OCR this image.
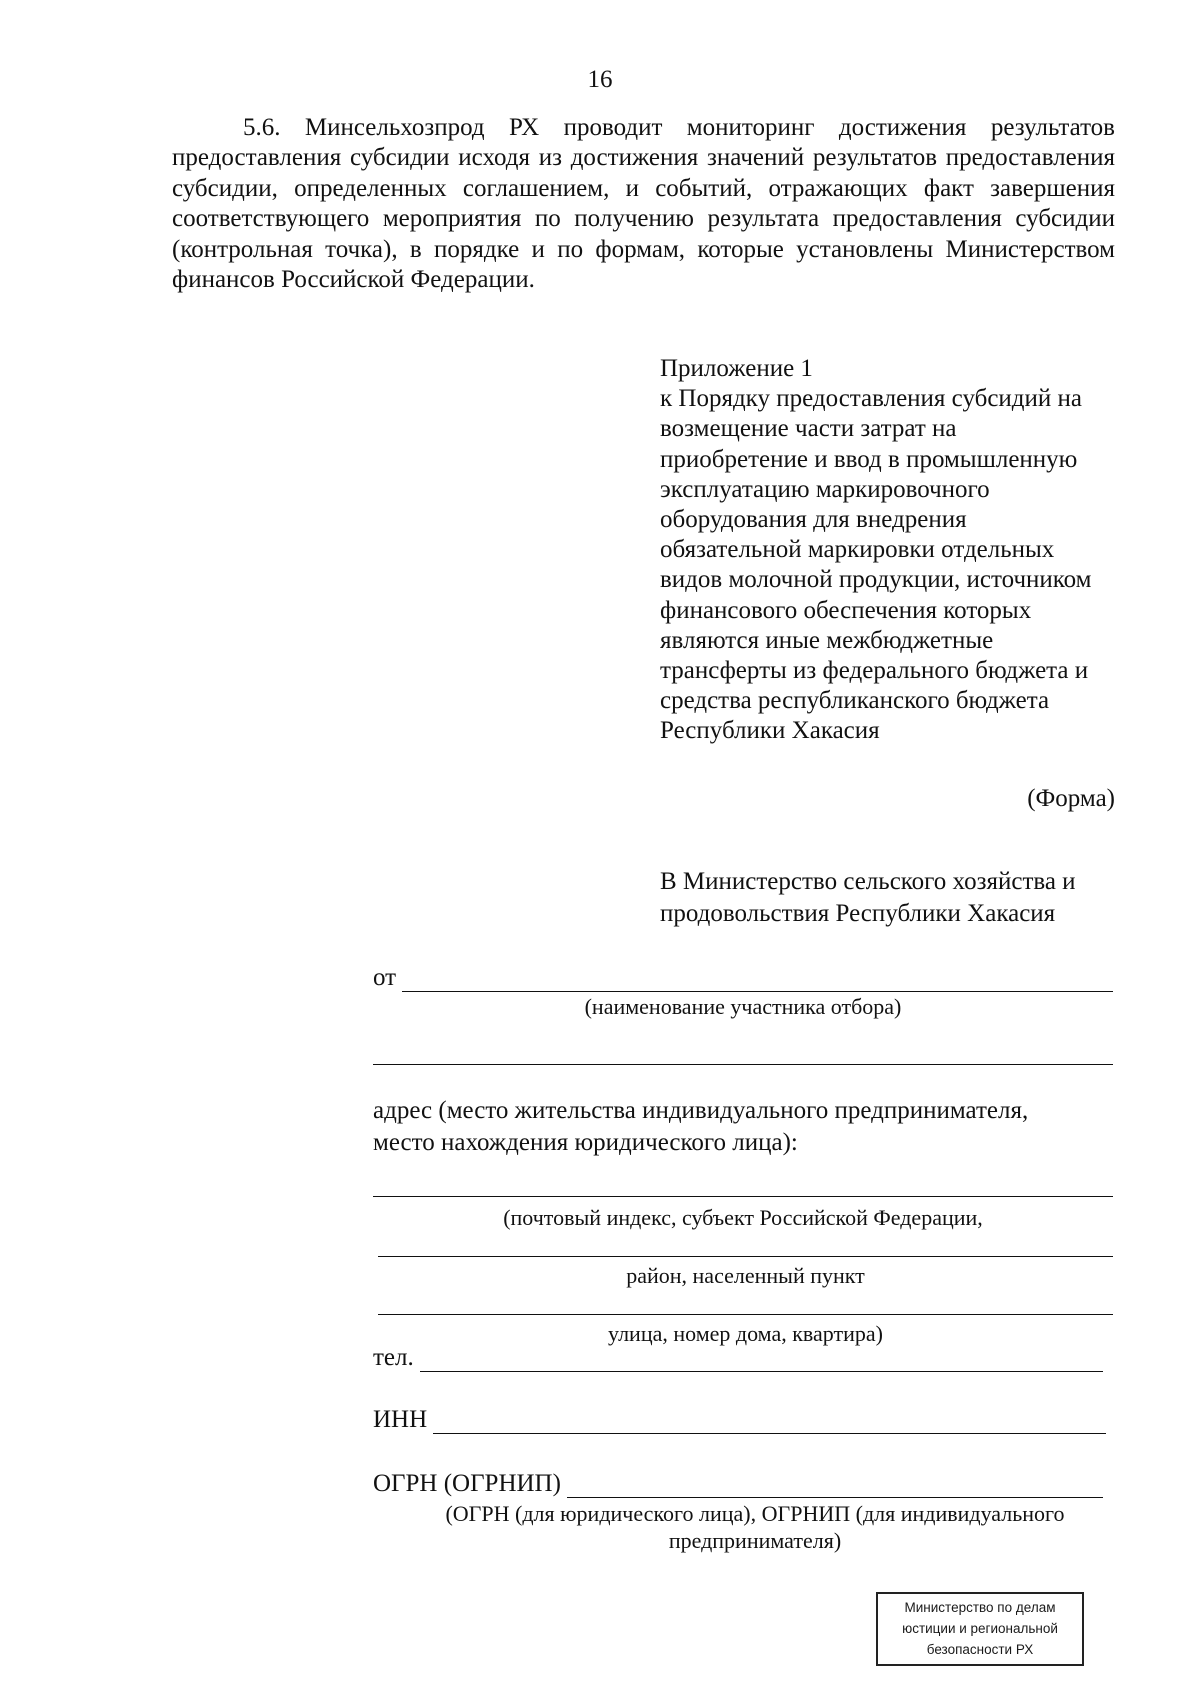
16

5.6. Минсельхозпрод РХ проводит мониторинг достижения результатов предоставления субсидии исходя из достижения значений результатов предоставления субсидии, определенных соглашением, и событий, отражающих факт завершения соответствующего мероприятия по получению результата предоставления субсидии (контрольная точка), в порядке и по формам, которые установлены Министерством финансов Российской Федерации.

Приложение 1
к Порядку предоставления субсидий на
возмещение части затрат на
приобретение и ввод в промышленную
эксплуатацию маркировочного
оборудования для внедрения
обязательной маркировки отдельных
видов молочной продукции, источником
финансового обеспечения которых
являются иные межбюджетные
трансферты из федерального бюджета и
средства республиканского бюджета
Республики Хакасия
(Форма)
В Министерство сельского хозяйства и
продовольствия Республики Хакасия
от
(наименование участника отбора)
адрес (место жительства индивидуального предпринимателя,
место нахождения юридического лица):
(почтовый индекс, субъект Российской Федерации,
район, населенный пункт
улица, номер дома, квартира)
тел.
ИНН
ОГРН (ОГРНИП)
(ОГРН (для юридического лица), ОГРНИП (для индивидуального
предпринимателя)
Министерство по делам
юстиции и региональной
безопасности РХ
